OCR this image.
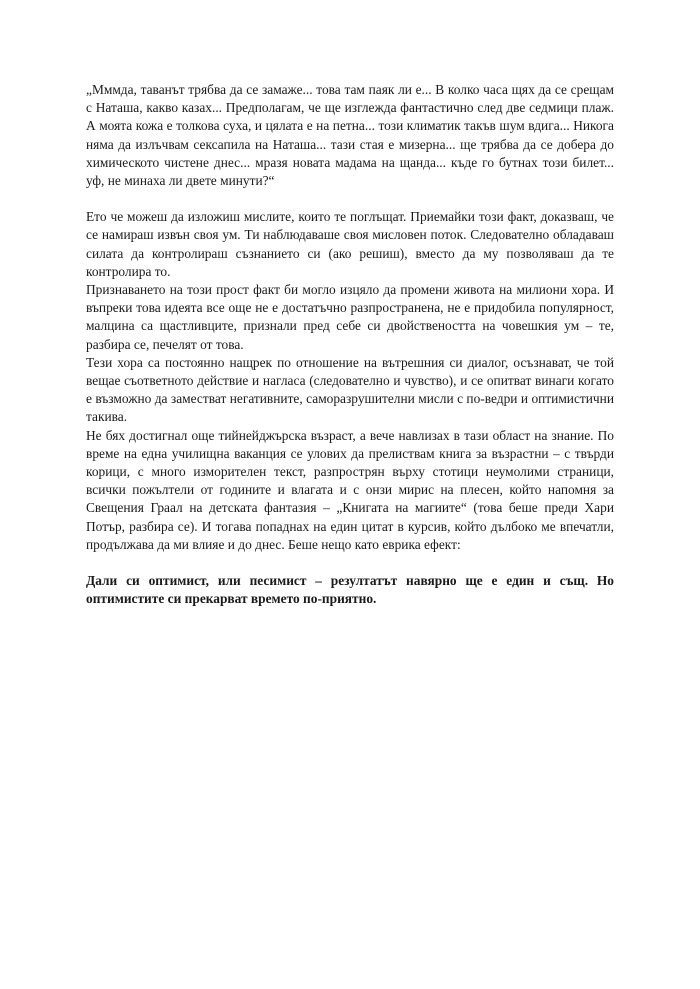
„Мммда, таванът трябва да се замаже... това там паяк ли е... В колко часа щях да се срещам с Наташа, какво казах... Предполагам, че ще изглежда фантастично след две седмици плаж. А моята кожа е толкова суха, и цялата е на петна... този климатик такъв шум вдига... Никога няма да излъчвам сексапила на Наташа... тази стая е мизерна... ще трябва да се добера до химическото чистене днес... мразя новата мадама на щанда... къде го бутнах този билет... уф, не минаха ли двете минути?“

Ето че можеш да изложиш мислите, които те поглъщат. Приемайки този факт, доказваш, че се намираш извън своя ум. Ти наблюдаваше своя мисловен поток. Следователно обладаваш силата да контролираш съзнанието си (ако решиш), вместо да му позволяваш да те контролира то.

Признаването на този прост факт би могло изцяло да промени живота на милиони хора. И въпреки това идеята все още не е достатъчно разпространена, не е придобила популярност, малцина са щастливците, признали пред себе си двойствеността на човешкия ум – те, разбира се, печелят от това.

Тези хора са постоянно нащрек по отношение на вътрешния си диалог, осъзнават, че той вещае съответното действие и нагласа (следователно и чувство), и се опитват винаги когато е възможно да заместват негативните, саморазрушителни мисли с по-ведри и оптимистични такива.

Не бях достигнал още тийнейджърска възраст, а вече навлизах в тази област на знание. По време на една училищна ваканция се улових да прелиствам книга за възрастни – с твърди корици, с много изморителен текст, разпрострян върху стотици неумолими страници, всички пожълтели от годините и влагата и с онзи мирис на плесен, който напомня за Свещения Граал на детската фантазия – „Книгата на магиите“ (това беше преди Хари Потър, разбира се). И тогава попаднах на един цитат в курсив, който дълбоко ме впечатли, продължава да ми влияе и до днес. Беше нещо като еврика ефект:

Дали си оптимист, или песимист – резултатът навярно ще е един и същ. Но оптимистите си прекарват времето по-приятно.
